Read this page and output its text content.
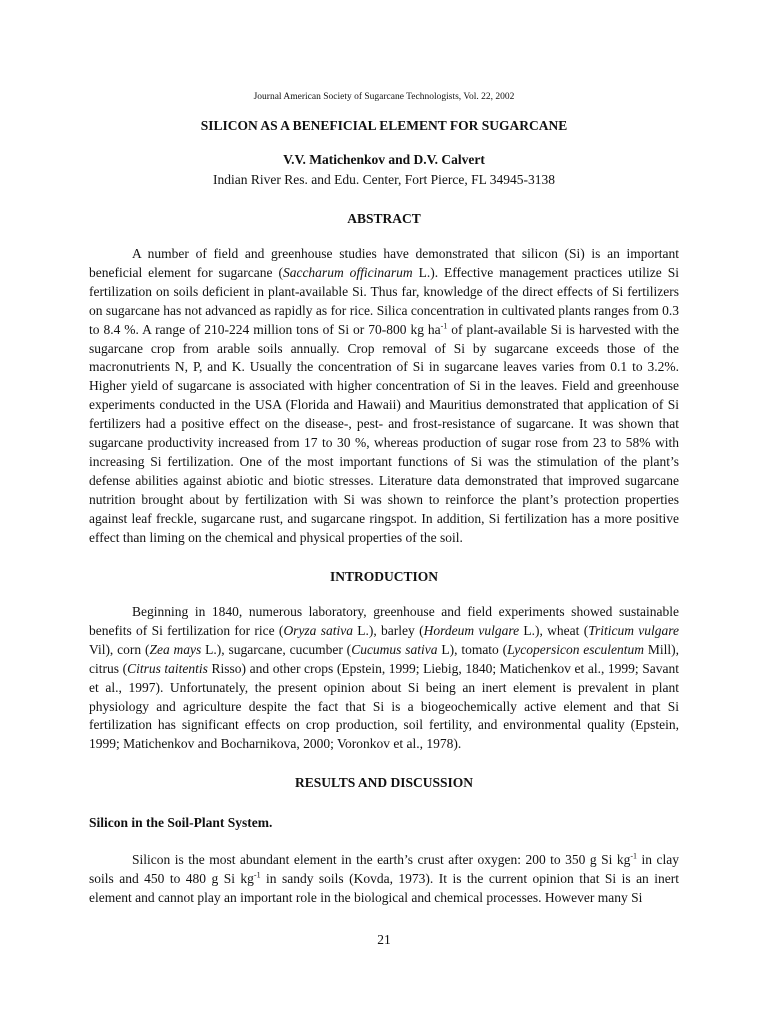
Journal American Society of Sugarcane Technologists, Vol. 22, 2002
SILICON AS A BENEFICIAL ELEMENT FOR SUGARCANE
V.V. Matichenkov and D.V. Calvert
Indian River Res. and Edu. Center, Fort Pierce, FL 34945-3138
ABSTRACT

A number of field and greenhouse studies have demonstrated that silicon (Si) is an important beneficial element for sugarcane (Saccharum officinarum L.). Effective management practices utilize Si fertilization on soils deficient in plant-available Si. Thus far, knowledge of the direct effects of Si fertilizers on sugarcane has not advanced as rapidly as for rice. Silica concentration in cultivated plants ranges from 0.3 to 8.4 %. A range of 210-224 million tons of Si or 70-800 kg $ha^{-1}$ of plant-available Si is harvested with the sugarcane crop from arable soils annually. Crop removal of Si by sugarcane exceeds those of the macronutrients N, P, and K. Usually the concentration of Si in sugarcane leaves varies from 0.1 to 3.2%. Higher yield of sugarcane is associated with higher concentration of Si in the leaves. Field and greenhouse experiments conducted in the USA (Florida and Hawaii) and Mauritius demonstrated that application of Si fertilizers had a positive effect on the disease-, pest- and frost-resistance of sugarcane. It was shown that sugarcane productivity increased from 17 to 30 %, whereas production of sugar rose from 23 to 58% with increasing Si fertilization. One of the most important functions of Si was the stimulation of the plant’s defense abilities against abiotic and biotic stresses. Literature data demonstrated that improved sugarcane nutrition brought about by fertilization with Si was shown to reinforce the plant’s protection properties against leaf freckle, sugarcane rust, and sugarcane ringspot. In addition, Si fertilization has a more positive effect than liming on the chemical and physical properties of the soil.

INTRODUCTION

Beginning in 1840, numerous laboratory, greenhouse and field experiments showed sustainable benefits of Si fertilization for rice (Oryza sativa L.), barley (Hordeum vulgare L.), wheat (Triticum vulgare Vil), corn (Zea mays L.), sugarcane, cucumber (Cucumus sativa L), tomato (Lycopersicon esculentum Mill), citrus (Citrus taitentis Risso) and other crops (Epstein, 1999; Liebig, 1840; Matichenkov et al., 1999; Savant et al., 1997). Unfortunately, the present opinion about Si being an inert element is prevalent in plant physiology and agriculture despite the fact that Si is a biogeochemically active element and that Si fertilization has significant effects on crop production, soil fertility, and environmental quality (Epstein, 1999; Matichenkov and Bocharnikova, 2000; Voronkov et al., 1978).

RESULTS AND DISCUSSION
Silicon in the Soil-Plant System.

Silicon is the most abundant element in the earth’s crust after oxygen: 200 to 350 g Si $kg^{-1}$ in clay soils and 450 to 480 g Si $kg^{-1}$ in sandy soils (Kovda, 1973). It is the current opinion that Si is an inert element and cannot play an important role in the biological and chemical processes. However many Si

21
